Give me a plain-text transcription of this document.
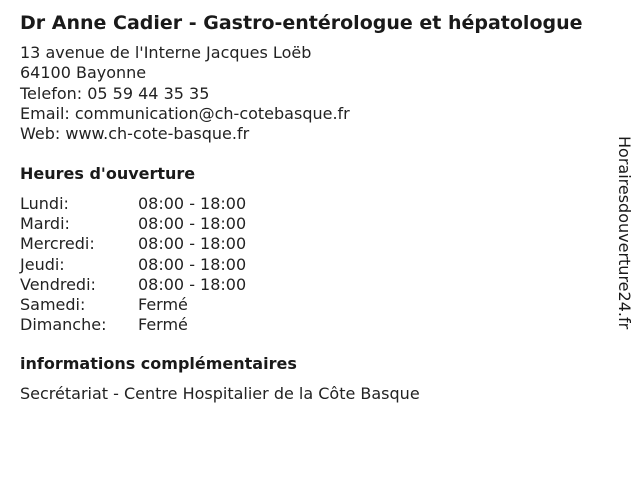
Dr Anne Cadier - Gastro-entérologue et hépatologue
13 avenue de l'Interne Jacques Loëb
64100 Bayonne
Telefon: 05 59 44 35 35
Email: communication@ch-cotebasque.fr
Web: www.ch-cote-basque.fr
Heures d'ouverture
Lundi:	08:00 - 18:00
Mardi:	08:00 - 18:00
Mercredi:	08:00 - 18:00
Jeudi:	08:00 - 18:00
Vendredi:	08:00 - 18:00
Samedi:	Fermé
Dimanche:	Fermé
informations complémentaires
Secrétariat - Centre Hospitalier de la Côte Basque
Horairesdouverture24.fr
